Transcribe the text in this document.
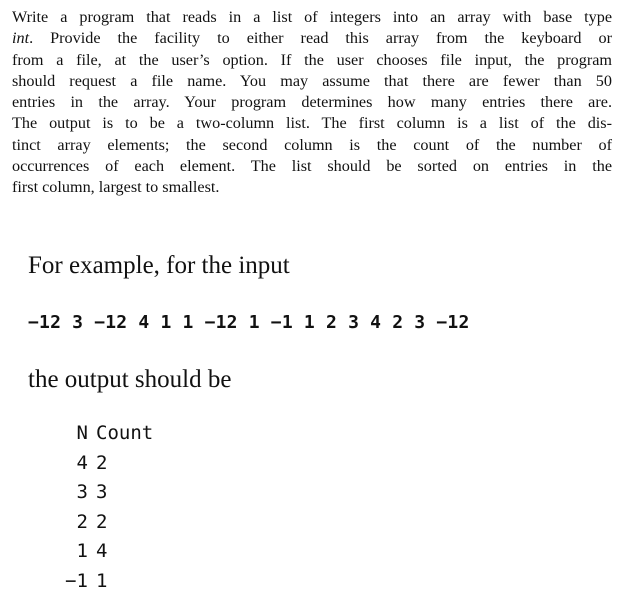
Write a program that reads in a list of integers into an array with base type
int. Provide the facility to either read this array from the keyboard or
from a file, at the user’s option. If the user chooses file input, the program
should request a file name. You may assume that there are fewer than 50
entries in the array. Your program determines how many entries there are.
The output is to be a two-column list. The first column is a list of the dis-
tinct array elements; the second column is the count of the number of
occurrences of each element. The list should be sorted on entries in the
first column, largest to smallest.
For example, for the input
−12 3 −12 4 1 1 −12 1 −1 1 2 3 4 2 3 −12
the output should be
N	Count
4	2
3	3
2	2
1	4
−1	1
